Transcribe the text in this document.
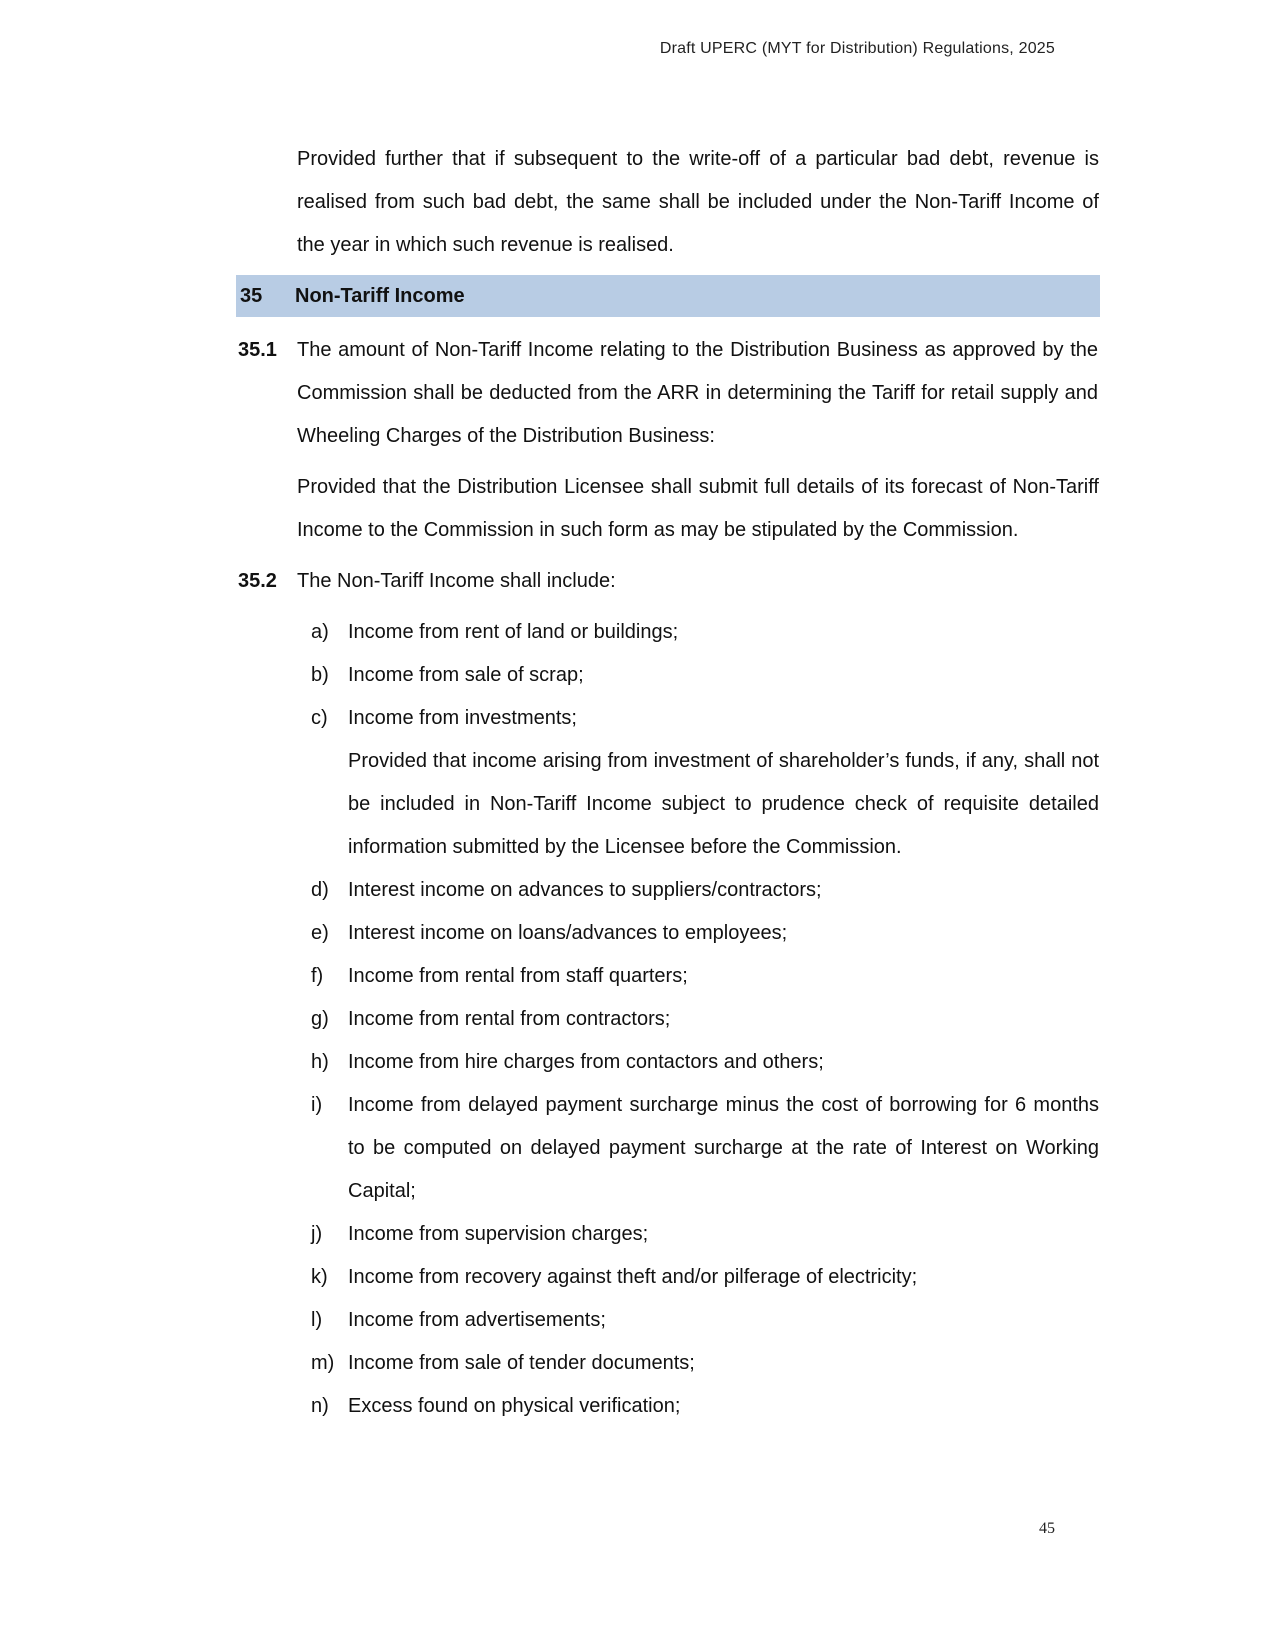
Draft UPERC (MYT for Distribution) Regulations, 2025
Provided further that if subsequent to the write-off of a particular bad debt, revenue is realised from such bad debt, the same shall be included under the Non-Tariff Income of the year in which such revenue is realised.
35	Non-Tariff Income
35.1	The amount of Non-Tariff Income relating to the Distribution Business as approved by the Commission shall be deducted from the ARR in determining the Tariff for retail supply and Wheeling Charges of the Distribution Business:
Provided that the Distribution Licensee shall submit full details of its forecast of Non-Tariff Income to the Commission in such form as may be stipulated by the Commission.
35.2	The Non-Tariff Income shall include:
a) Income from rent of land or buildings;
b) Income from sale of scrap;
c)	Income from investments;
Provided that income arising from investment of shareholder’s funds, if any, shall not be included in Non-Tariff Income subject to prudence check of requisite detailed information submitted by the Licensee before the Commission.
d) Interest income on advances to suppliers/contractors;
e) Interest income on loans/advances to employees;
f)	Income from rental from staff quarters;
g) Income from rental from contractors;
h) Income from hire charges from contactors and others;
i)	Income from delayed payment surcharge minus the cost of borrowing for 6 months to be computed on delayed payment surcharge at the rate of Interest on Working Capital;
j)	Income from supervision charges;
k)	Income from recovery against theft and/or pilferage of electricity;
l)	Income from advertisements;
m) Income from sale of tender documents;
n) Excess found on physical verification;
45
